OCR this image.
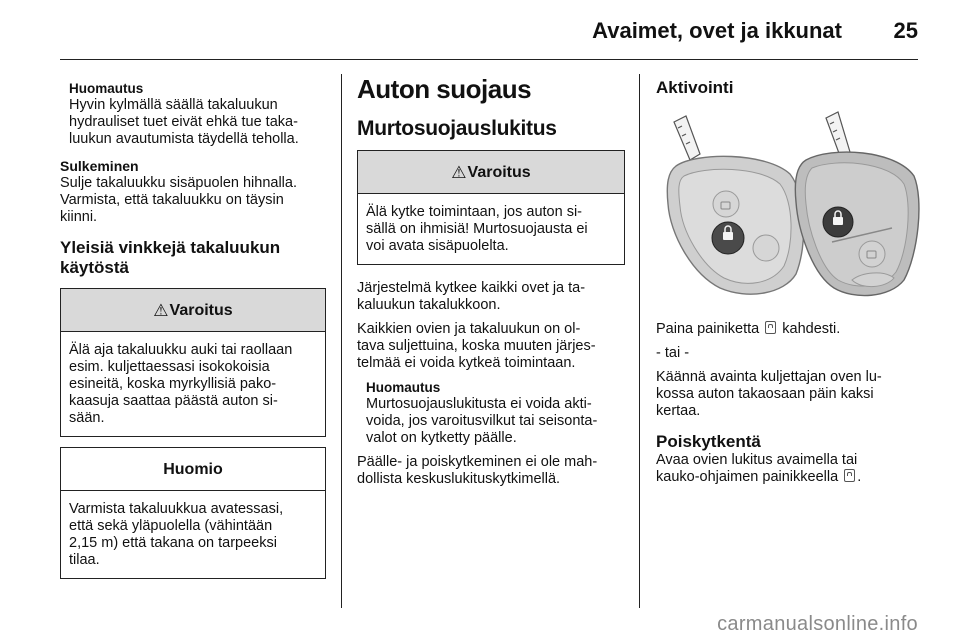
Avaimet, ovet ja ikkunat 25

Huomautus

Hyvin kylmällä säällä takaluukun

hydrauliset tuet eivät ehkä tue taka-

luukun avautumista täydellä teholla.

Sulkeminen

Sulje takaluukku sisäpuolen hihnalla.

Varmista, että takaluukku on täysin

kiinni.

Yleisiä vinkkejä takaluukun

käytöstä

⚠ Varoitus

Älä aja takaluukku auki tai raollaan

esim. kuljettaessasi isokokoisia

esineitä, koska myrkyllisiä pako-

kaasuja saattaa päästä auton si-

sään.

Huomio

Varmista takaluukkua avatessasi,

että sekä yläpuolella (vähintään

2,15 m) että takana on tarpeeksi

tilaa.

Auton suojaus

Murtosuojauslukitus

⚠ Varoitus

Älä kytke toimintaan, jos auton si-

sällä on ihmisiä! Murtosuojausta ei

voi avata sisäpuolelta.

Järjestelmä kytkee kaikki ovet ja ta-

kaluukun takalukkoon.

Kaikkien ovien ja takaluukun on ol-

tava suljettuina, koska muuten järjes-

telmää ei voida kytkeä toimintaan.

Huomautus

Murtosuojauslukitusta ei voida akti-

voida, jos varoitusvilkut tai seisonta-

valot on kytketty päälle.

Päälle- ja poiskytkeminen ei ole mah-

dollista keskuslukituskytkimellä.

Aktivointi

Paina painiketta kahdesti.

- tai -

Käännä avainta kuljettajan oven lu-

kossa auton takaosaan päin kaksi

kertaa.

Poiskytkentä

Avaa ovien lukitus avaimella tai

kauko-ohjaimen painikkeella .

carmanualsonline.info
